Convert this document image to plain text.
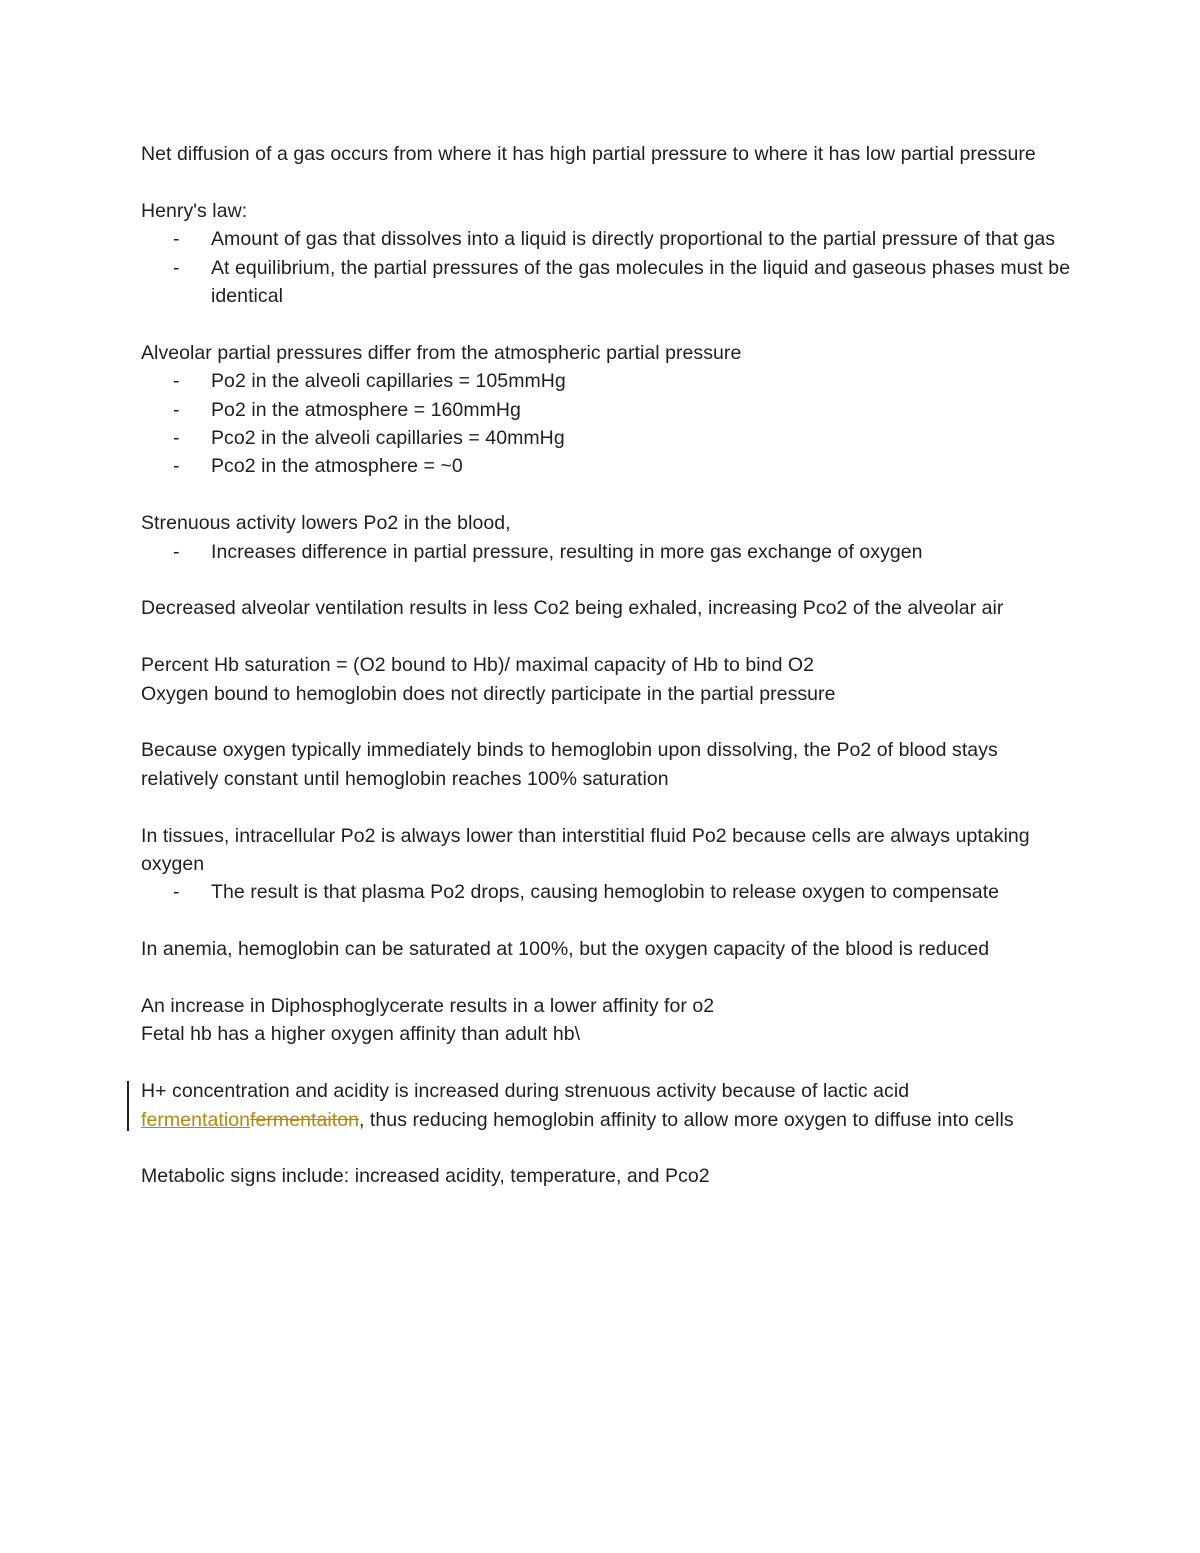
Net diffusion of a gas occurs from where it has high partial pressure to where it has low partial pressure

Henry's law:

- Amount of gas that dissolves into a liquid is directly proportional to the partial pressure of that gas
- At equilibrium, the partial pressures of the gas molecules in the liquid and gaseous phases must be identical

Alveolar partial pressures differ from the atmospheric partial pressure

- Po2 in the alveoli capillaries = 105mmHg
- Po2 in the atmosphere = 160mmHg
- Pco2 in the alveoli capillaries = 40mmHg
- Pco2 in the atmosphere = ~0

Strenuous activity lowers Po2 in the blood,

- Increases difference in partial pressure, resulting in more gas exchange of oxygen

Decreased alveolar ventilation results in less Co2 being exhaled, increasing Pco2 of the alveolar air

Percent Hb saturation = (O2 bound to Hb)/ maximal capacity of Hb to bind O2

Oxygen bound to hemoglobin does not directly participate in the partial pressure

Because oxygen typically immediately binds to hemoglobin upon dissolving, the Po2 of blood stays relatively constant until hemoglobin reaches 100% saturation

In tissues, intracellular Po2 is always lower than interstitial fluid Po2 because cells are always uptaking oxygen

- The result is that plasma Po2 drops, causing hemoglobin to release oxygen to compensate

In anemia, hemoglobin can be saturated at 100%, but the oxygen capacity of the blood is reduced

An increase in Diphosphoglycerate results in a lower affinity for o2

Fetal hb has a higher oxygen affinity than adult hb\

H+ concentration and acidity is increased during strenuous activity because of lactic acid fermentationfermentaiton, thus reducing hemoglobin affinity to allow more oxygen to diffuse into cells

Metabolic signs include: increased acidity, temperature, and Pco2
